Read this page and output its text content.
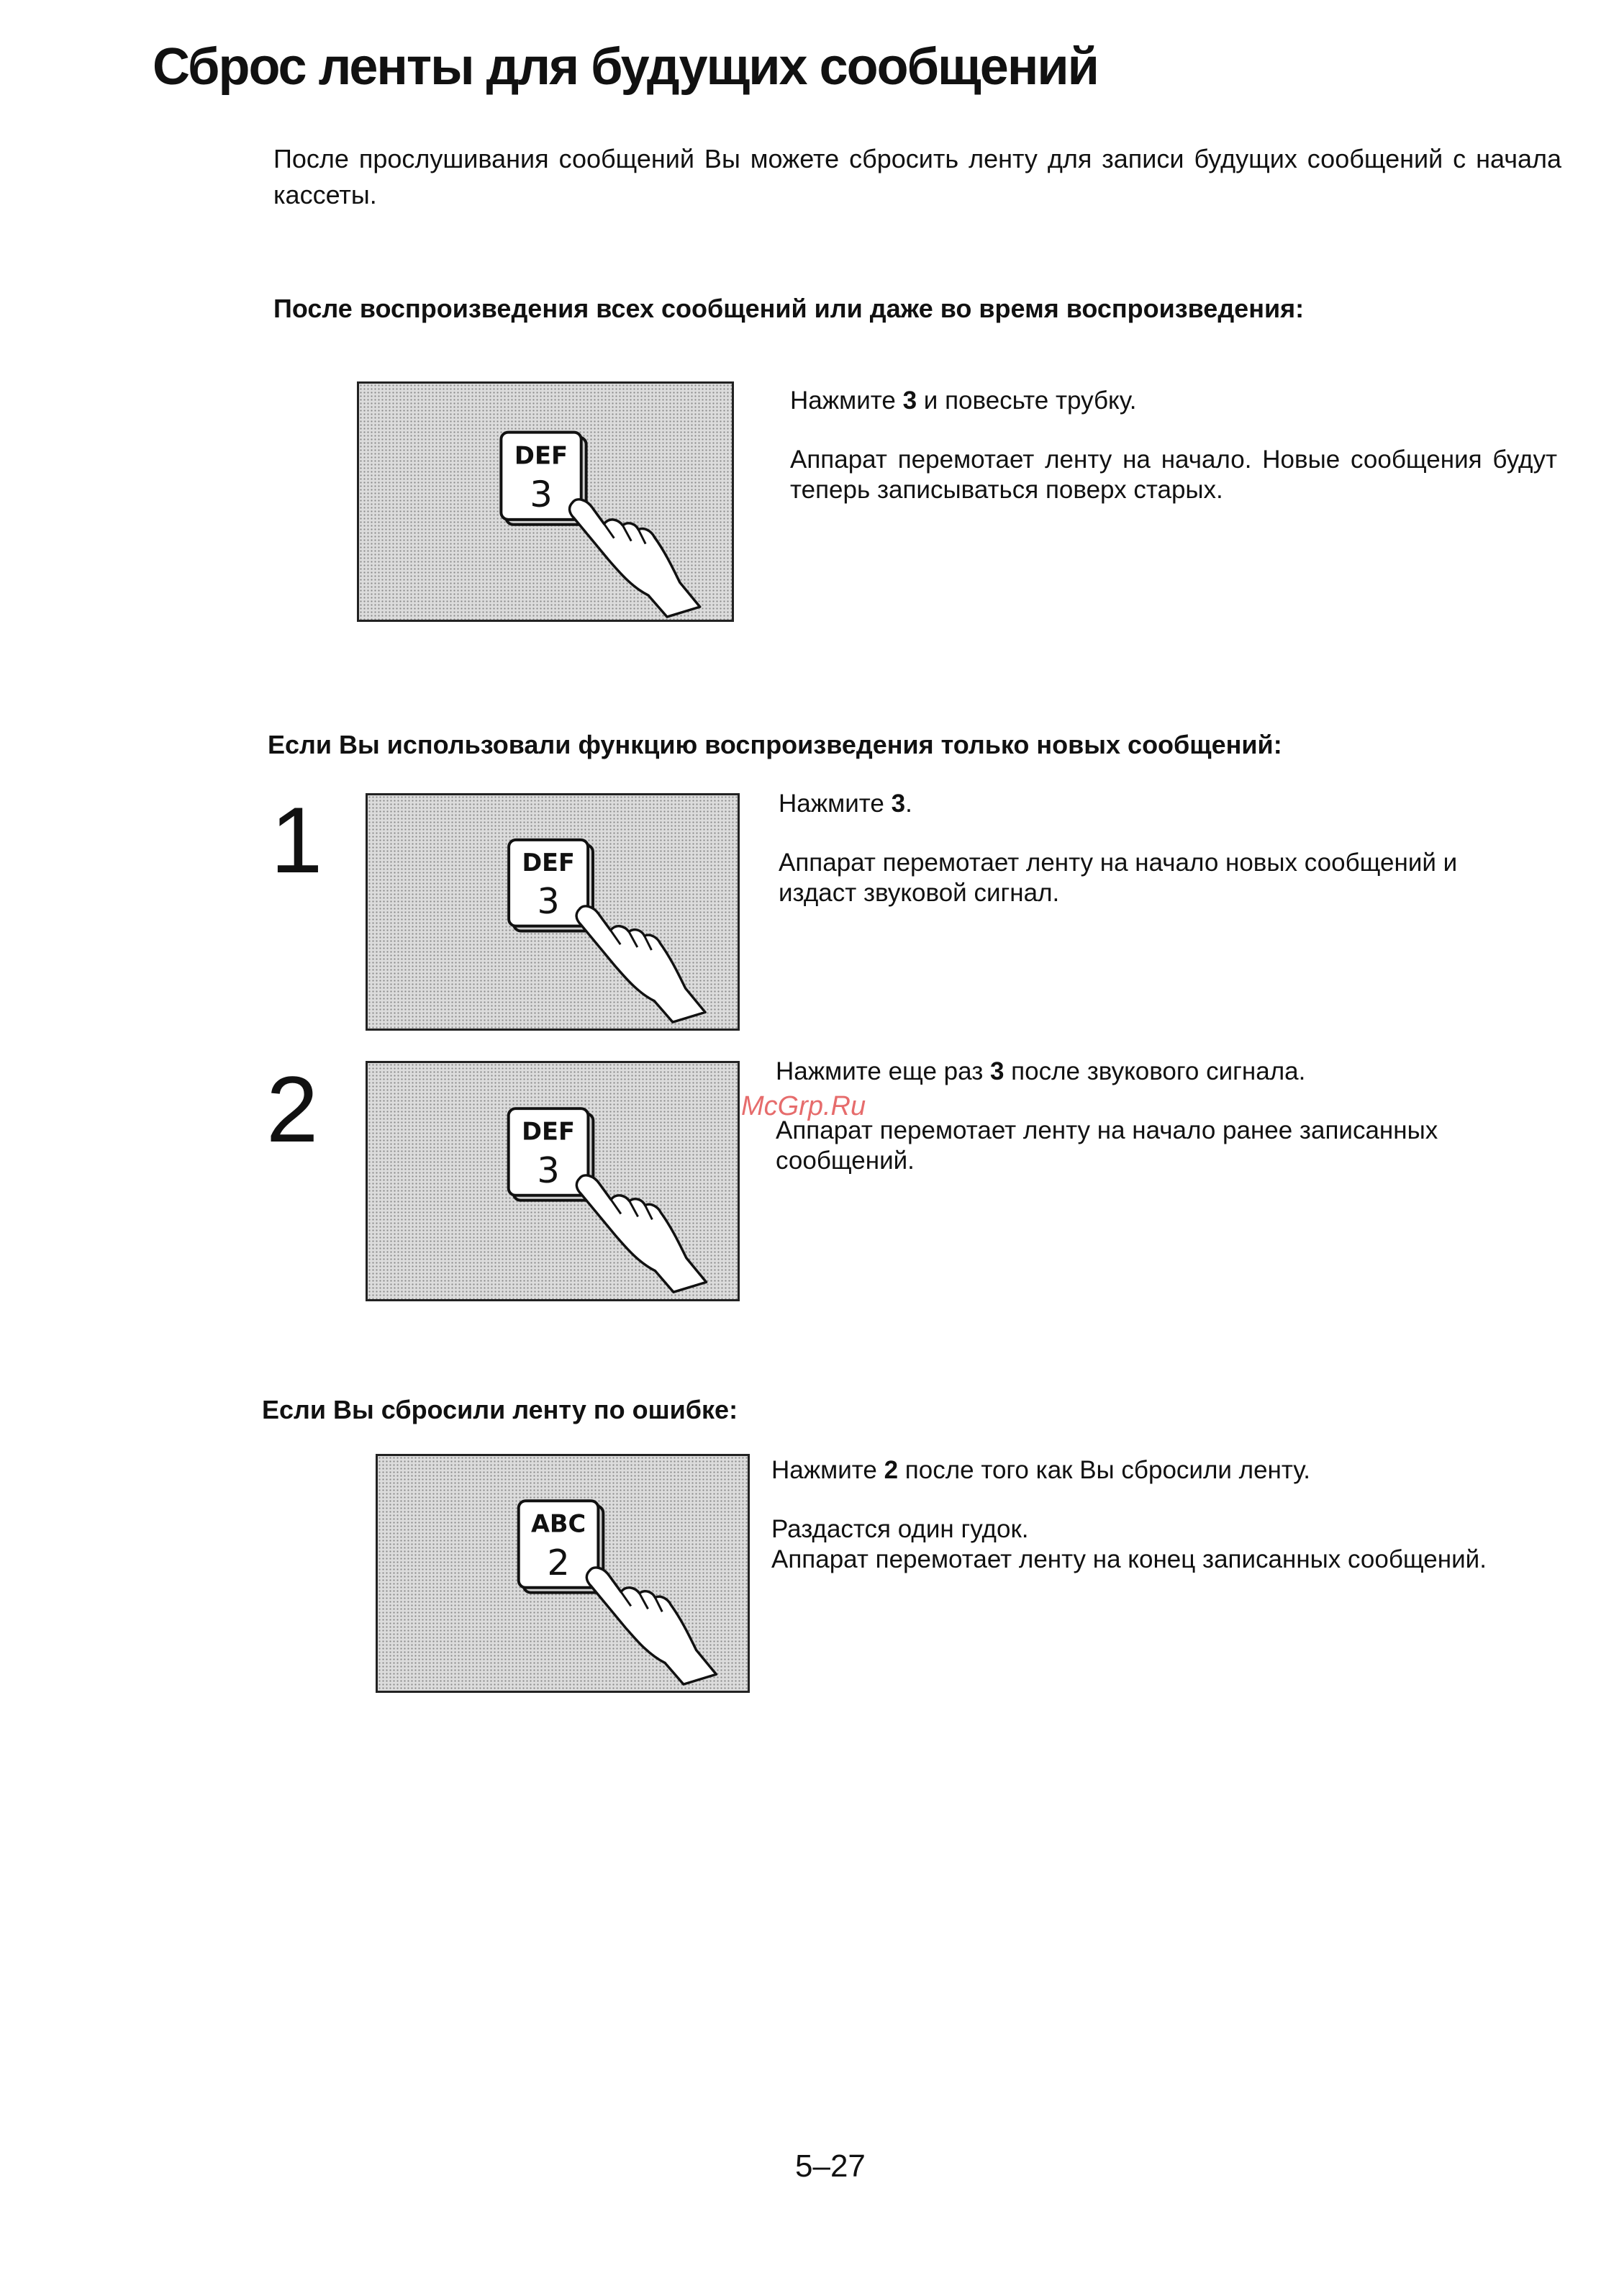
Сброс ленты для будущих сообщений
После прослушивания сообщений Вы можете сбросить ленту для записи будущих сообщений с начала кассеты.
После воспроизведения всех сообщений или даже во время воспроизведения:
DEF
3

Нажмите 3 и повесьте трубку.

Аппарат перемотает ленту на начало. Новые сообщения будут теперь записываться поверх старых.

Если Вы использовали функцию воспроизведения только новых сообщений:
1	DEF
3

Нажмите 3.

Аппарат перемотает ленту на начало новых сообщений и издаст звуковой сигнал.

2	DEF
3

Нажмите еще раз 3 после звукового сигнала.

Аппарат перемотает ленту на начало ранее записанных сообщений.

McGrp.Ru
Если Вы сбросили ленту по ошибке:
ABC
2

Нажмите 2 после того как Вы сбросили ленту.

Раздастся один гудок.

Аппарат перемотает ленту на конец записанных сообщений.

5–27
